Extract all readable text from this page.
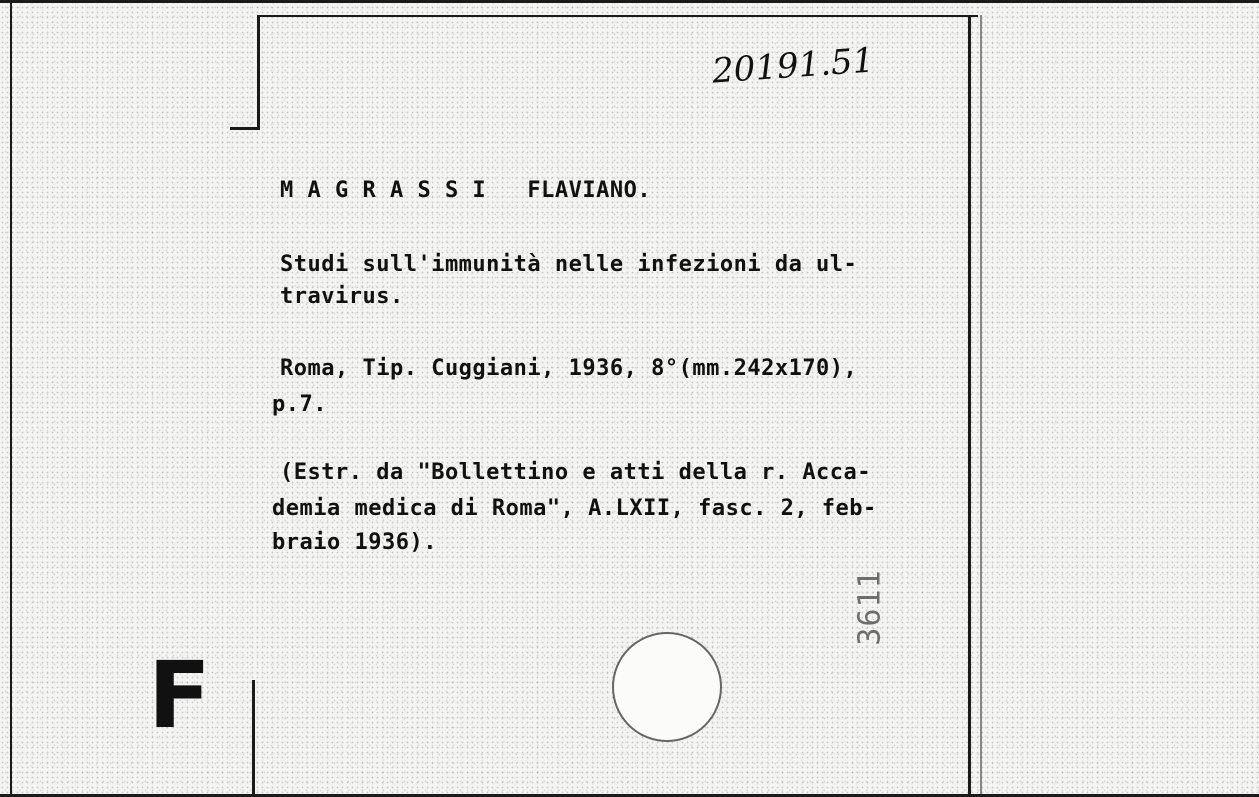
20191.51

M A G R A S S I   FLAVIANO.

Studi sull'immunità nelle infezioni da ul-

travirus.

Roma, Tip. Cuggiani, 1936, 8°(mm.242x170),

p.7.

(Estr. da "Bollettino e atti della r. Acca-

demia medica di Roma", A.LXII, fasc. 2, feb-

braio 1936).

3611

F
